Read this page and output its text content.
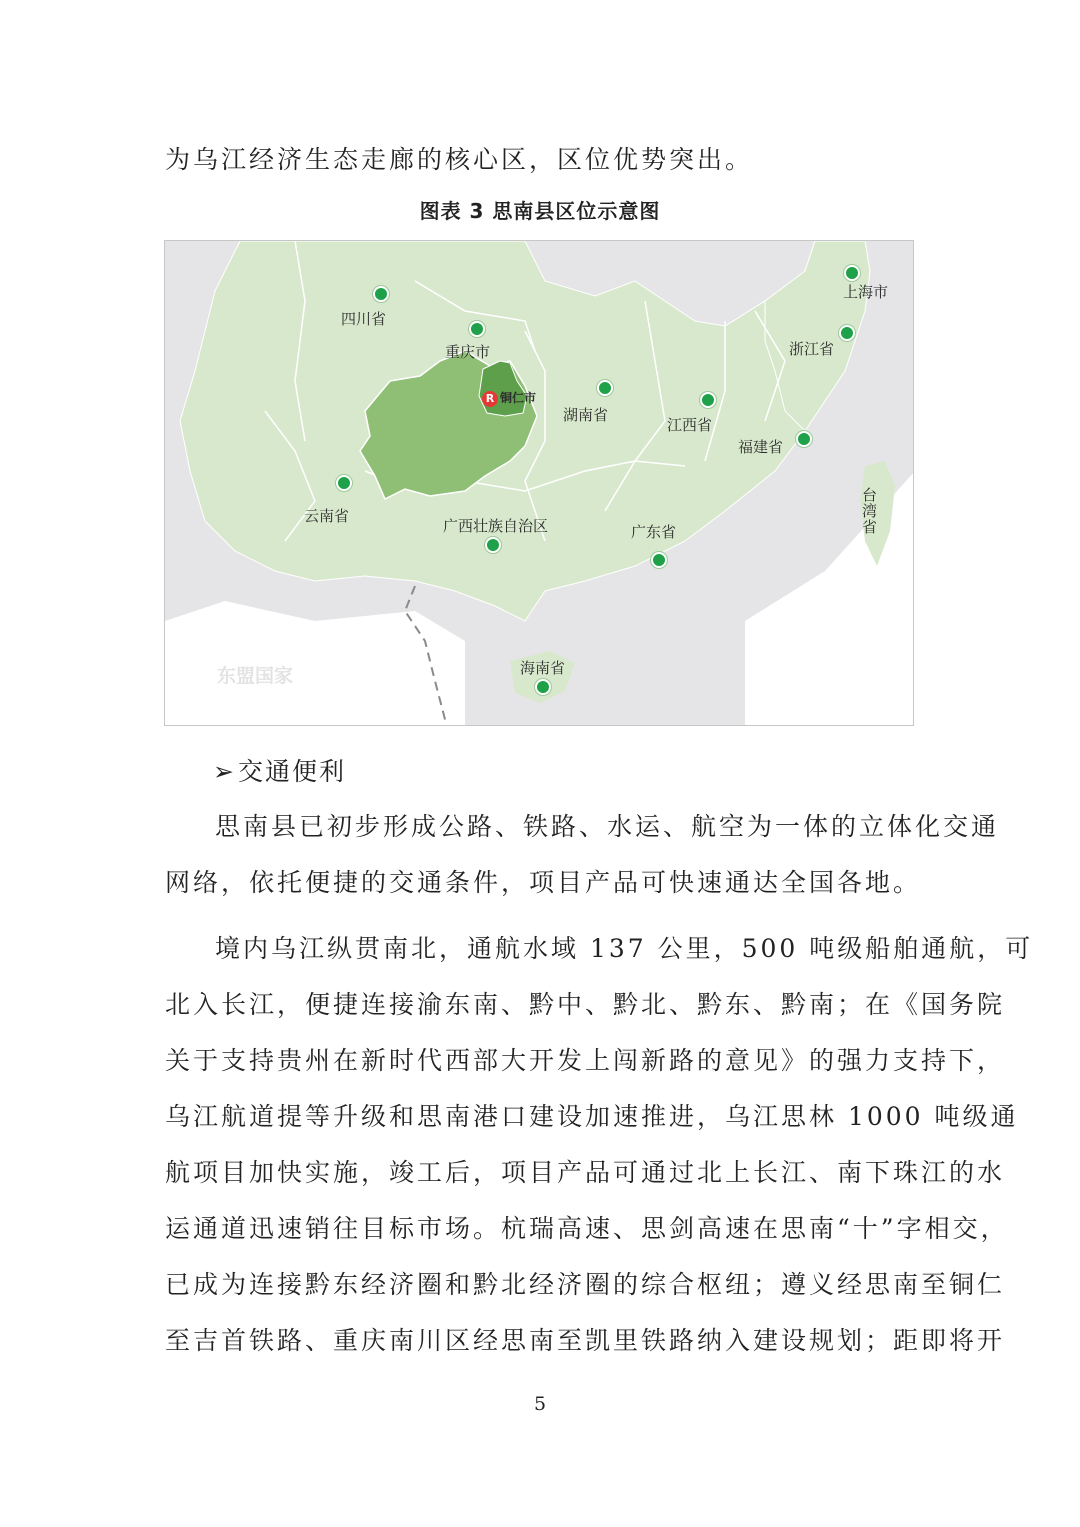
为乌江经济生态走廊的核心区，区位优势突出。
图表 3 思南县区位示意图
东盟国家
四川省
重庆市
R 铜仁市
湖南省
江西省
福建省
浙江省
上海市
台湾省
云南省
广西壮族自治区	广东省
海南省
➢交通便利
思南县已初步形成公路、铁路、水运、航空为一体的立体化交通
网络，依托便捷的交通条件，项目产品可快速通达全国各地。
境内乌江纵贯南北，通航水域 137 公里，500 吨级船舶通航，可
北入长江，便捷连接渝东南、黔中、黔北、黔东、黔南；在《国务院
关于支持贵州在新时代西部大开发上闯新路的意见》的强力支持下，
乌江航道提等升级和思南港口建设加速推进，乌江思林 1000 吨级通
航项目加快实施，竣工后，项目产品可通过北上长江、南下珠江的水
运通道迅速销往目标市场。杭瑞高速、思剑高速在思南“十”字相交，
已成为连接黔东经济圈和黔北经济圈的综合枢纽；遵义经思南至铜仁
至吉首铁路、重庆南川区经思南至凯里铁路纳入建设规划；距即将开
5
